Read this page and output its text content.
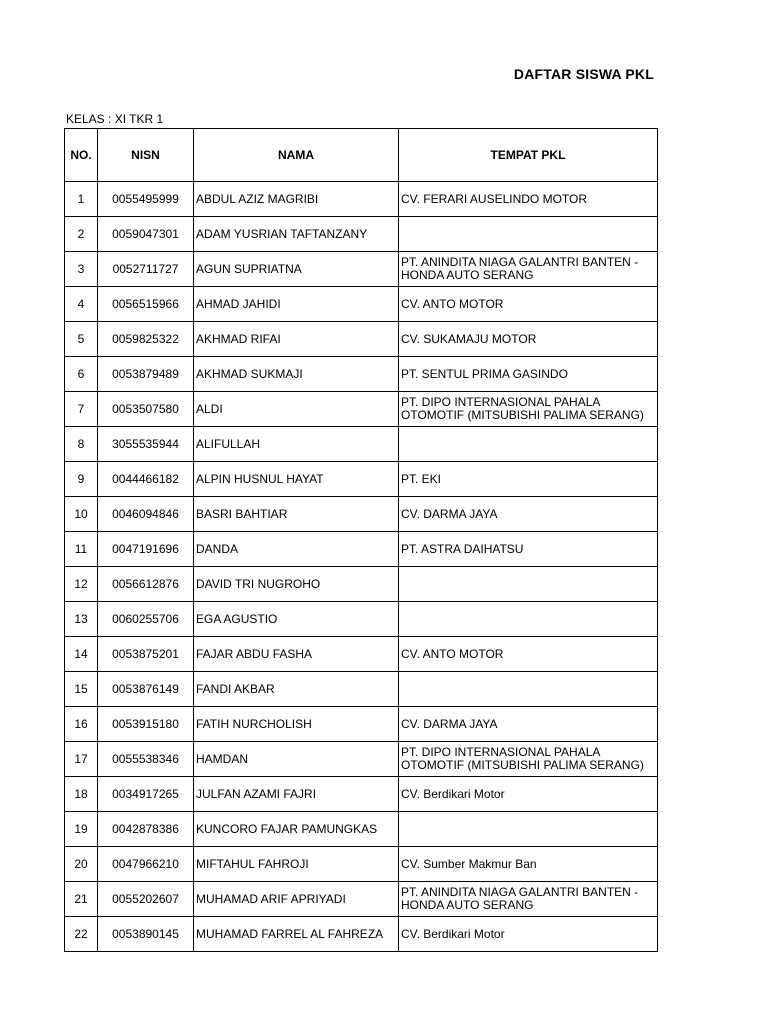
DAFTAR SISWA PKL
KELAS : XI TKR 1
NO.	NISN	NAMA	TEMPAT PKL
1	0055495999	ABDUL AZIZ MAGRIBI	CV. FERARI AUSELINDO MOTOR
2	0059047301	ADAM YUSRIAN TAFTANZANY	
3	0052711727	AGUN SUPRIATNA	PT. ANINDITA NIAGA GALANTRI BANTEN - HONDA AUTO SERANG
4	0056515966	AHMAD JAHIDI	CV. ANTO MOTOR
5	0059825322	AKHMAD RIFAI	CV. SUKAMAJU MOTOR
6	0053879489	AKHMAD SUKMAJI	PT. SENTUL PRIMA GASINDO
7	0053507580	ALDI	PT. DIPO INTERNASIONAL PAHALA OTOMOTIF (MITSUBISHI PALIMA SERANG)
8	3055535944	ALIFULLAH	
9	0044466182	ALPIN HUSNUL HAYAT	PT. EKI
10	0046094846	BASRI BAHTIAR	CV. DARMA JAYA
11	0047191696	DANDA	PT. ASTRA DAIHATSU
12	0056612876	DAVID TRI NUGROHO	
13	0060255706	EGA AGUSTIO	
14	0053875201	FAJAR ABDU FASHA	CV. ANTO MOTOR
15	0053876149	FANDI AKBAR	
16	0053915180	FATIH NURCHOLISH	CV. DARMA JAYA
17	0055538346	HAMDAN	PT. DIPO INTERNASIONAL PAHALA OTOMOTIF (MITSUBISHI PALIMA SERANG)
18	0034917265	JULFAN AZAMI FAJRI	CV. Berdikari Motor
19	0042878386	KUNCORO FAJAR PAMUNGKAS	
20	0047966210	MIFTAHUL FAHROJI	CV. Sumber Makmur Ban
21	0055202607	MUHAMAD ARIF APRIYADI	PT. ANINDITA NIAGA GALANTRI BANTEN - HONDA AUTO SERANG
22	0053890145	MUHAMAD FARREL AL FAHREZA	CV. Berdikari Motor
